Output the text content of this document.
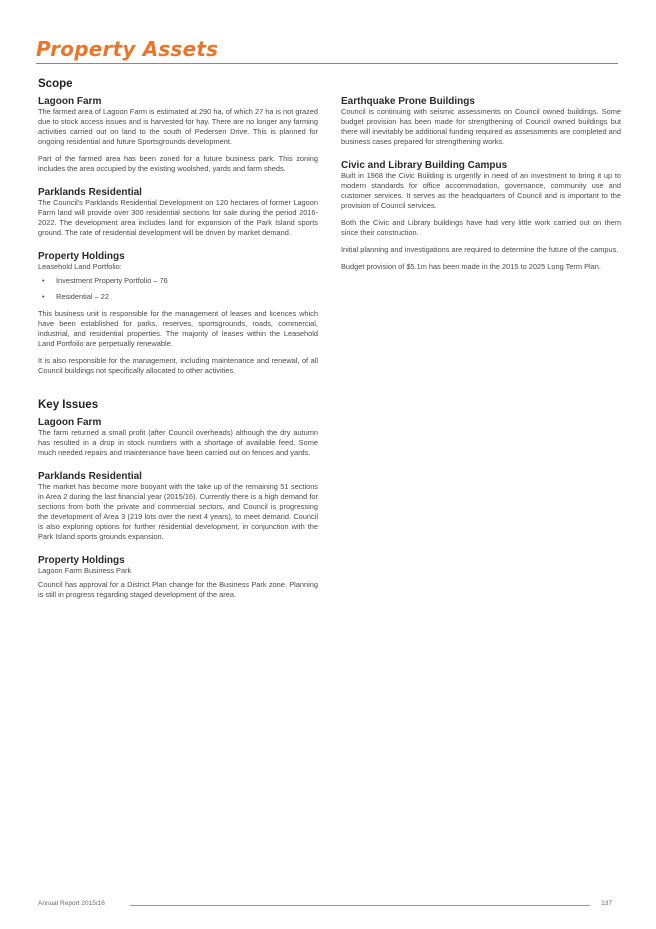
Property Assets
Scope
Lagoon Farm

The farmed area of Lagoon Farm is estimated at 290 ha, of which 27 ha is not grazed due to stock access issues and is harvested for hay. There are no longer any farming activities carried out on land to the south of Pedersen Drive. This is planned for ongoing residential and future Sportsgrounds development.

Part of the farmed area has been zoned for a future business park. This zoning includes the area occupied by the existing woolshed, yards and farm sheds.

Parklands Residential

The Council's Parklands Residential Development on 120 hectares of former Lagoon Farm land will provide over 300 residential sections for sale during the period 2016-2022. The development area includes land for expansion of the Park Island sports ground. The rate of residential development will be driven by market demand.

Property Holdings
Leasehold Land Portfolio:
• Investment Property Portfolio – 76
• Residential – 22

This business unit is responsible for the management of leases and licences which have been established for parks, reserves, sportsgrounds, roads, commercial, industrial, and residential properties. The majority of leases within the Leasehold Land Portfolio are perpetually renewable.

It is also responsible for the management, including maintenance and renewal, of all Council buildings not specifically allocated to other activities.

Key Issues
Lagoon Farm

The farm returned a small profit (after Council overheads) although the dry autumn has resulted in a drop in stock numbers with a shortage of available feed. Some much needed repairs and maintenance have been carried out on fences and yards.

Parklands Residential

The market has become more buoyant with the take up of the remaining 51 sections in Area 2 during the last financial year (2015/16). Currently there is a high demand for sections from both the private and commercial sectors, and Council is progressing the development of Area 3 (219 lots over the next 4 years), to meet demand. Council is also exploring options for further residential development, in conjunction with the Park Island sports grounds expansion.

Property Holdings
Lagoon Farm Business Park

Council has approval for a District Plan change for the Business Park zone. Planning is still in progress regarding staged development of the area.

Earthquake Prone Buildings

Council is continuing with seismic assessments on Council owned buildings. Some budget provision has been made for strengthening of Council owned buildings but there will inevitably be additional funding required as assessments are completed and business cases prepared for strengthening works.

Civic and Library Building Campus

Built in 1968 the Civic Building is urgently in need of an investment to bring it up to modern standards for office accommodation, governance, community use and customer services. It serves as the headquarters of Council and is important to the provision of Council services.

Both the Civic and Library buildings have had very little work carried out on them since their construction.

Initial planning and investigations are required to determine the future of the campus.

Budget provision of $5.1m has been made in the 2015 to 2025 Long Term Plan.

Annual Report 2015/16	137
